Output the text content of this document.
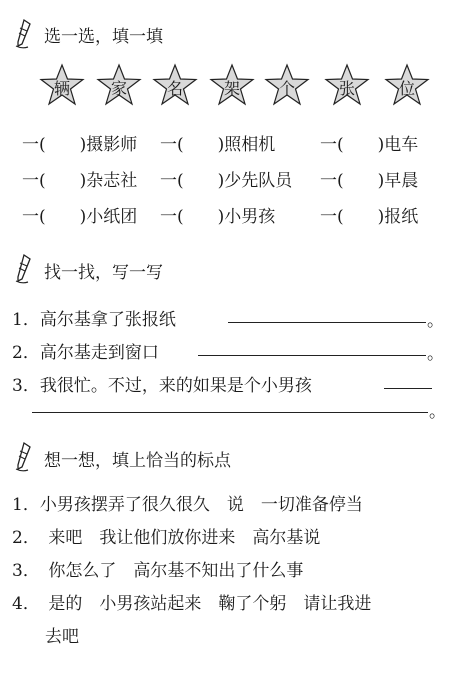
选一选，填一填
辆	家	名	架	个	张	位
一(　　)摄影师 一(　　)照相机	一(　　)电车
一(　　)杂志社 一(　　)少先队员 一(　　)早晨
一(　　)小纸团 一(　　)小男孩	一(　　)报纸
找一找，写一写
1．高尔基拿了张报纸	。
2．高尔基走到窗口	。
3．我很忙。不过，来的如果是个小男孩
。
想一想，填上恰当的标点
1．小男孩摆弄了很久很久　说　一切准备停当
2．　来吧　我让他们放你进来　高尔基说
3．　你怎么了　高尔基不知出了什么事
4．　是的　小男孩站起来　鞠了个躬　请让我进
　去吧
